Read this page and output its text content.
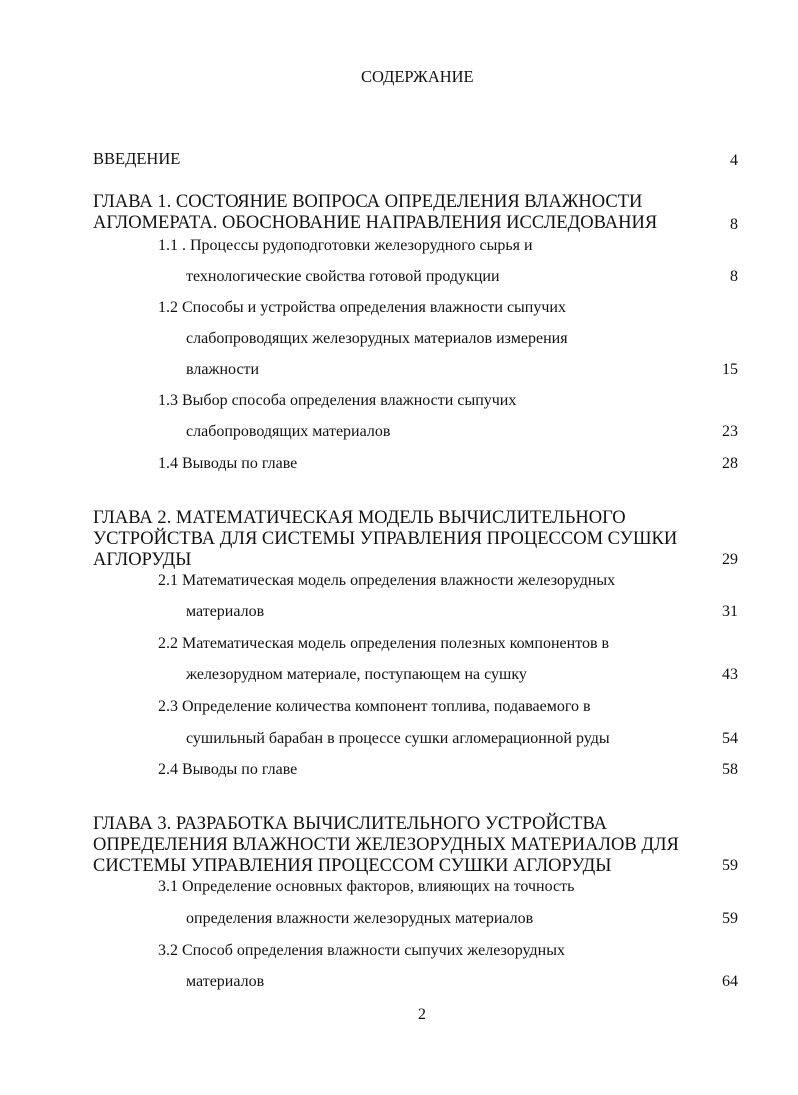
СОДЕРЖАНИЕ
ВВЕДЕНИЕ	4
ГЛАВА 1. СОСТОЯНИЕ ВОПРОСА ОПРЕДЕЛЕНИЯ ВЛАЖНОСТИ
АГЛОМЕРАТА. ОБОСНОВАНИЕ НАПРАВЛЕНИЯ ИССЛЕДОВАНИЯ	8
1.1 . Процессы рудоподготовки железорудного сырья и
технологические свойства готовой продукции	8
1.2 Способы и устройства определения влажности сыпучих
слабопроводящих железорудных материалов измерения
влажности	15
1.3 Выбор способа определения влажности сыпучих
слабопроводящих материалов	23
1.4 Выводы по главе	28
ГЛАВА 2. МАТЕМАТИЧЕСКАЯ МОДЕЛЬ ВЫЧИСЛИТЕЛЬНОГО
УСТРОЙСТВА ДЛЯ СИСТЕМЫ УПРАВЛЕНИЯ ПРОЦЕССОМ СУШКИ
АГЛОРУДЫ	29
2.1 Математическая модель определения влажности железорудных
материалов	31
2.2 Математическая модель определения полезных компонентов в
железорудном материале, поступающем на сушку	43
2.3 Определение количества компонент топлива, подаваемого в
сушильный барабан в процессе сушки агломерационной руды	54
2.4 Выводы по главе	58
ГЛАВА 3. РАЗРАБОТКА ВЫЧИСЛИТЕЛЬНОГО УСТРОЙСТВА
ОПРЕДЕЛЕНИЯ ВЛАЖНОСТИ ЖЕЛЕЗОРУДНЫХ МАТЕРИАЛОВ ДЛЯ
СИСТЕМЫ УПРАВЛЕНИЯ ПРОЦЕССОМ СУШКИ АГЛОРУДЫ	59
3.1 Определение основных факторов, влияющих на точность
определения влажности железорудных материалов	59
3.2 Способ определения влажности сыпучих железорудных
материалов	64
2
